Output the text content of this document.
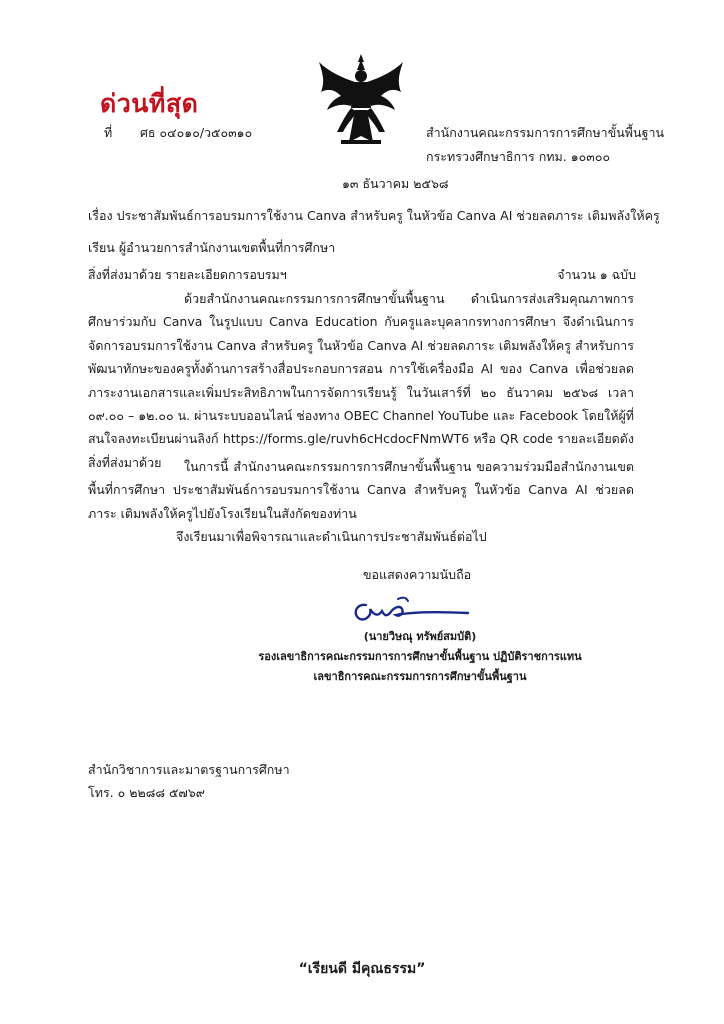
ด่วนที่สุด
ที่ ศธ ๐๔๐๑๐/ว๕๐๓๑๐	สำนักงานคณะกรรมการการศึกษาขั้นพื้นฐาน
กระทรวงศึกษาธิการ กทม. ๑๐๓๐๐
๑๓ ธันวาคม ๒๕๖๘
เรื่อง ประชาสัมพันธ์การอบรมการใช้งาน Canva สำหรับครู ในหัวข้อ Canva AI ช่วยลดภาระ เติมพลังให้ครู
เรียน ผู้อำนวยการสำนักงานเขตพื้นที่การศึกษา
สิ่งที่ส่งมาด้วย รายละเอียดการอบรมฯ	จำนวน ๑ ฉบับ
ด้วยสำนักงานคณะกรรมการการศึกษาขั้นพื้นฐาน ดำเนินการส่งเสริมคุณภาพการศึกษาร่วมกับ Canva ในรูปแบบ Canva Education กับครูและบุคลากรทางการศึกษา จึงดำเนินการจัดการอบรมการใช้งาน Canva สำหรับครู ในหัวข้อ Canva AI ช่วยลดภาระ เติมพลังให้ครู สำหรับการพัฒนาทักษะของครูทั้งด้านการสร้างสื่อประกอบการสอน การใช้เครื่องมือ AI ของ Canva เพื่อช่วยลดภาระงานเอกสารและเพิ่มประสิทธิภาพในการจัดการเรียนรู้ ในวันเสาร์ที่ ๒๐ ธันวาคม ๒๕๖๘ เวลา ๐๙.๐๐ – ๑๒.๐๐ น. ผ่านระบบออนไลน์ ช่องทาง OBEC Channel YouTube และ Facebook โดยให้ผู้ที่สนใจลงทะเบียนผ่านลิงก์ https://forms.gle/ruvh6cHcdocFNmWT6 หรือ QR code รายละเอียดดังสิ่งที่ส่งมาด้วย	ในการนี้ สำนักงานคณะกรรมการการศึกษาขั้นพื้นฐาน ขอความร่วมมือสำนักงานเขตพื้นที่การศึกษา ประชาสัมพันธ์การอบรมการใช้งาน Canva สำหรับครู ในหัวข้อ Canva AI ช่วยลดภาระ เติมพลังให้ครูไปยังโรงเรียนในสังกัดของท่าน
จึงเรียนมาเพื่อพิจารณาและดำเนินการประชาสัมพันธ์ต่อไป
ขอแสดงความนับถือ
(นายวิษณุ ทรัพย์สมบัติ)
รองเลขาธิการคณะกรรมการการศึกษาขั้นพื้นฐาน ปฏิบัติราชการแทน
เลขาธิการคณะกรรมการการศึกษาขั้นพื้นฐาน
สำนักวิชาการและมาตรฐานการศึกษา
โทร. ๐ ๒๒๘๘ ๕๗๖๙
“เรียนดี มีคุณธรรม”
